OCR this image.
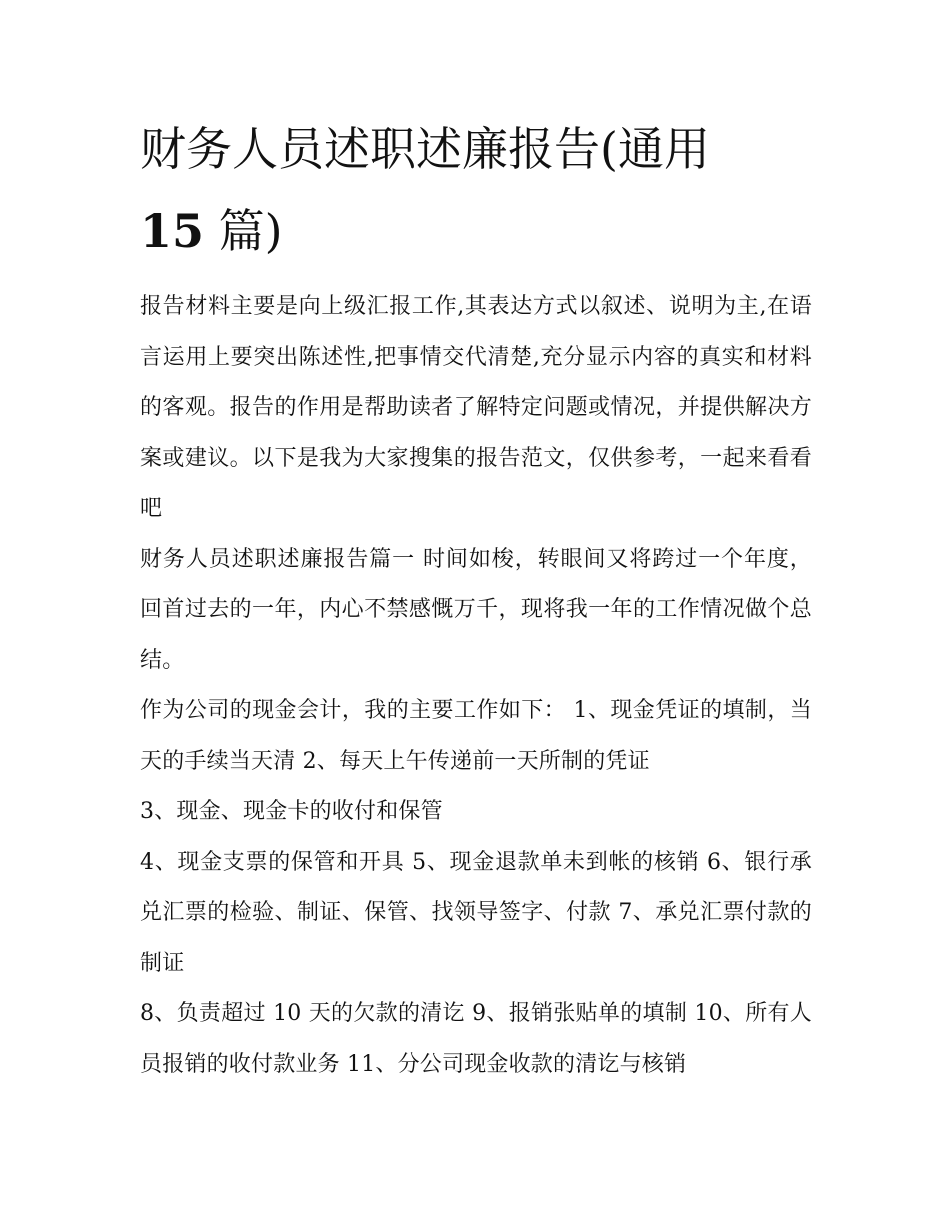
财务人员述职述廉报告(通用
15 篇)

报告材料主要是向上级汇报工作,其表达方式以叙述、说明为主,在语言运用上要突出陈述性,把事情交代清楚,充分显示内容的真实和材料的客观。报告的作用是帮助读者了解特定问题或情况，并提供解决方案或建议。以下是我为大家搜集的报告范文，仅供参考，一起来看看吧

财务人员述职述廉报告篇一 时间如梭，转眼间又将跨过一个年度，回首过去的一年，内心不禁感慨万千，现将我一年的工作情况做个总结。

作为公司的现金会计，我的主要工作如下： 1、现金凭证的填制，当天的手续当天清 2、每天上午传递前一天所制的凭证

3、现金、现金卡的收付和保管

4、现金支票的保管和开具 5、现金退款单未到帐的核销 6、银行承兑汇票的检验、制证、保管、找领导签字、付款 7、承兑汇票付款的制证

8、负责超过 10 天的欠款的清讫 9、报销张贴单的填制 10、所有人员报销的收付款业务 11、分公司现金收款的清讫与核销
